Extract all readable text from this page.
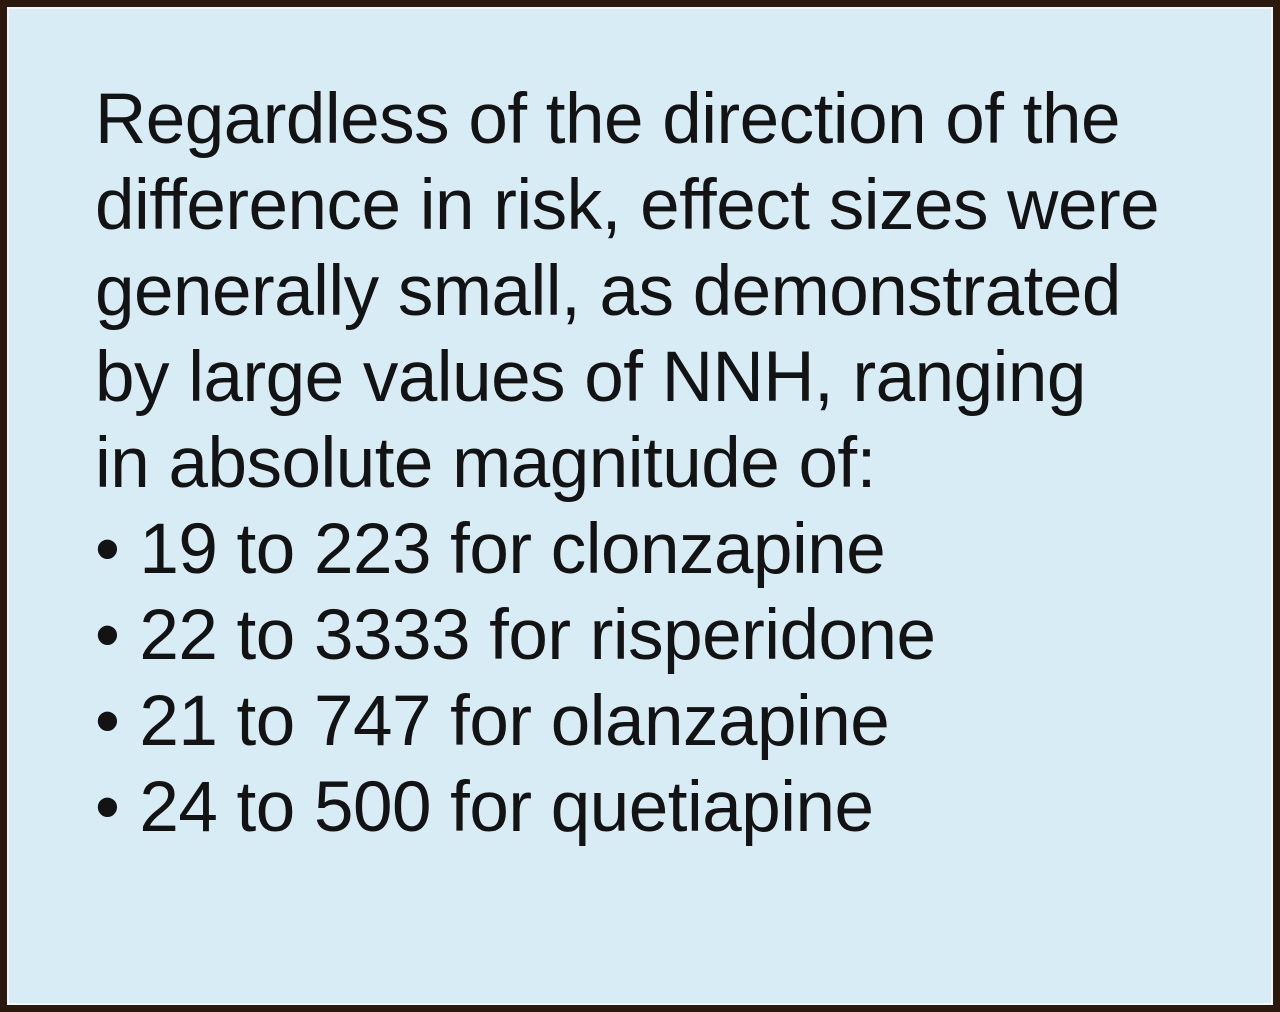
Regardless of the direction of the
difference in risk, effect sizes were
generally small, as demonstrated
by large values of NNH, ranging
in absolute magnitude of:
• 19 to 223 for clonzapine
• 22 to 3333 for risperidone
• 21 to 747 for olanzapine
• 24 to 500 for quetiapine
